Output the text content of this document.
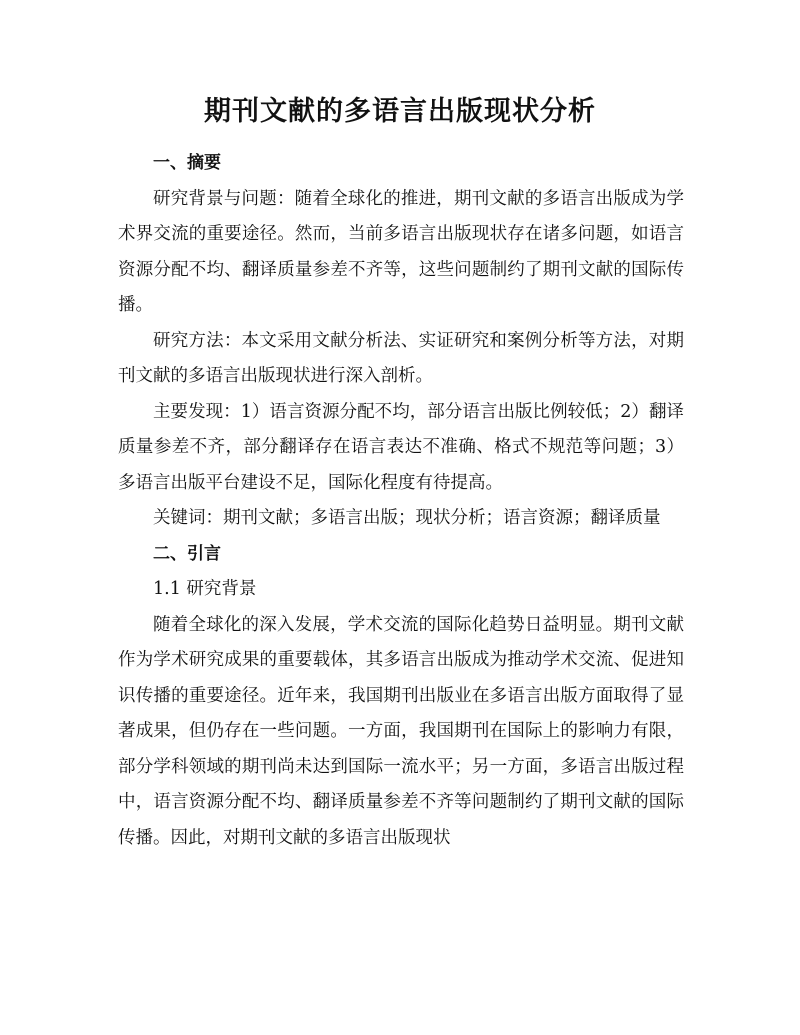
期刊文献的多语言出版现状分析

一、摘要

研究背景与问题：随着全球化的推进，期刊文献的多语言出版成为学术界交流的重要途径。然而，当前多语言出版现状存在诸多问题，如语言资源分配不均、翻译质量参差不齐等，这些问题制约了期刊文献的国际传播。

研究方法：本文采用文献分析法、实证研究和案例分析等方法，对期刊文献的多语言出版现状进行深入剖析。

主要发现：1）语言资源分配不均，部分语言出版比例较低；2）翻译质量参差不齐，部分翻译存在语言表达不准确、格式不规范等问题；3）多语言出版平台建设不足，国际化程度有待提高。

关键词：期刊文献；多语言出版；现状分析；语言资源；翻译质量

二、引言

1.1 研究背景

随着全球化的深入发展，学术交流的国际化趋势日益明显。期刊文献作为学术研究成果的重要载体，其多语言出版成为推动学术交流、促进知识传播的重要途径。近年来，我国期刊出版业在多语言出版方面取得了显著成果，但仍存在一些问题。一方面，我国期刊在国际上的影响力有限，部分学科领域的期刊尚未达到国际一流水平；另一方面，多语言出版过程中，语言资源分配不均、翻译质量参差不齐等问题制约了期刊文献的国际传播。因此，对期刊文献的多语言出版现状
